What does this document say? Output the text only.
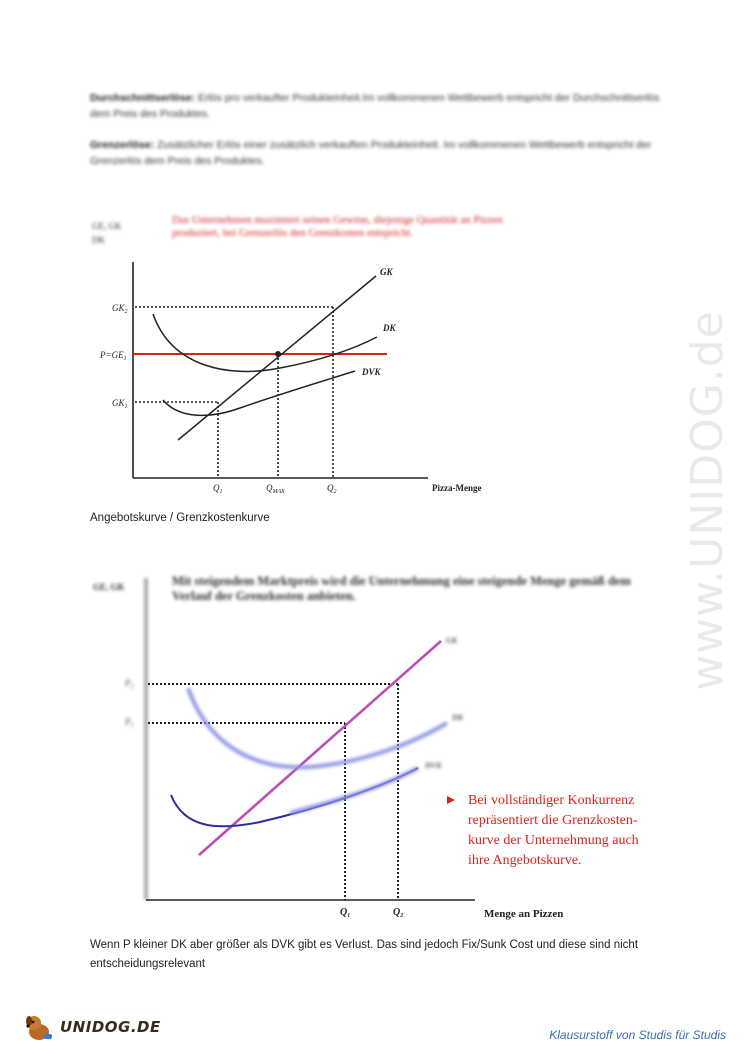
Durchschnittserlöse: Erlös pro verkaufter Produkteinheit.Im vollkommenen Wettbewerb entspricht der Durchschnittserlös dem Preis des Produktes.
Grenzerlöse: Zusätzlicher Erlös einer zusätzlich verkauften Produkteinheit. Im vollkommenen Wettbewerb entspricht der Grenzerlös dem Preis des Produktes.
www.UNIDOG.de
GE, GK
DK
Das Unternehmen maximiert seinen Gewinn, diejenige Quantität an Pizzen produziert, bei Grenzerlös den Grenzkosten entspricht.
GK
DK
DVK
$GK_2$
$P=GE_1$
$GK_1$
$Q_1$	$Q_{MAX}$	$Q_2$	Pizza-Menge
GE, GK	Mit steigendem Marktpreis wird die Unternehmung eine steigende Menge gemäß dem Verlauf der Grenzkosten anbieten.
GK
DK
DVK
$P_2$
$P_1$
$Q_1$	$Q_2$	Menge an Pizzen
Bei vollständiger Konkurrenz
repräsentiert die Grenzkosten-
kurve der Unternehmung auch
ihre Angebotskurve.
Angebotskurve / Grenzkostenkurve
Wenn P kleiner DK aber größer als DVK gibt es Verlust. Das sind jedoch Fix/Sunk Cost und diese sind nicht entscheidungsrelevant
UNIDOG.DE	Klausurstoff von Studis für Studis
